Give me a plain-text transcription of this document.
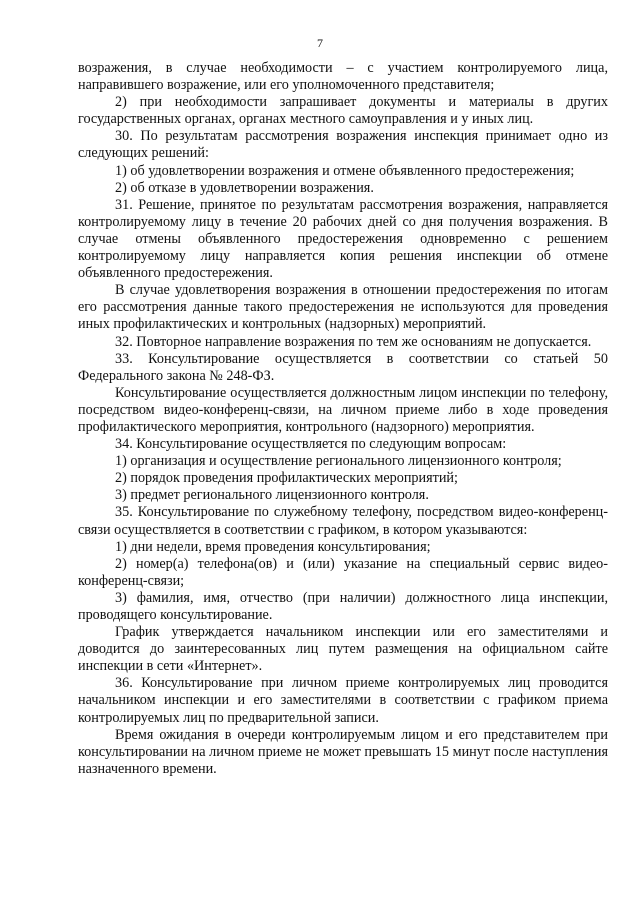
7

возражения, в случае необходимости – с участием контролируемого лица, направившего возражение, или его уполномоченного представителя;

2) при необходимости запрашивает документы и материалы в других государственных органах, органах местного самоуправления и у иных лиц.

30. По результатам рассмотрения возражения инспекция принимает одно из следующих решений:

1) об удовлетворении возражения и отмене объявленного предостережения;

2) об отказе в удовлетворении возражения.

31. Решение, принятое по результатам рассмотрения возражения, направляется контролируемому лицу в течение 20 рабочих дней со дня получения возражения. В случае отмены объявленного предостережения одновременно с решением контролируемому лицу направляется копия решения инспекции об отмене объявленного предостережения.

В случае удовлетворения возражения в отношении предостережения по итогам его рассмотрения данные такого предостережения не используются для проведения иных профилактических и контрольных (надзорных) мероприятий.

32. Повторное направление возражения по тем же основаниям не допускается.

33. Консультирование осуществляется в соответствии со статьей 50 Федерального закона № 248-ФЗ.

Консультирование осуществляется должностным лицом инспекции по телефону, посредством видео-конференц-связи, на личном приеме либо в ходе проведения профилактического мероприятия, контрольного (надзорного) мероприятия.

34. Консультирование осуществляется по следующим вопросам:

1) организация и осуществление регионального лицензионного контроля;

2) порядок проведения профилактических мероприятий;

3) предмет регионального лицензионного контроля.

35. Консультирование по служебному телефону, посредством видео-конференц-связи осуществляется в соответствии с графиком, в котором указываются:

1) дни недели, время проведения консультирования;

2) номер(а) телефона(ов) и (или) указание на специальный сервис видео-конференц-связи;

3) фамилия, имя, отчество (при наличии) должностного лица инспекции, проводящего консультирование.

График утверждается начальником инспекции или его заместителями и доводится до заинтересованных лиц путем размещения на официальном сайте инспекции в сети «Интернет».

36. Консультирование при личном приеме контролируемых лиц проводится начальником инспекции и его заместителями в соответствии с графиком приема контролируемых лиц по предварительной записи.

Время ожидания в очереди контролируемым лицом и его представителем при консультировании на личном приеме не может превышать 15 минут после наступления назначенного времени.
